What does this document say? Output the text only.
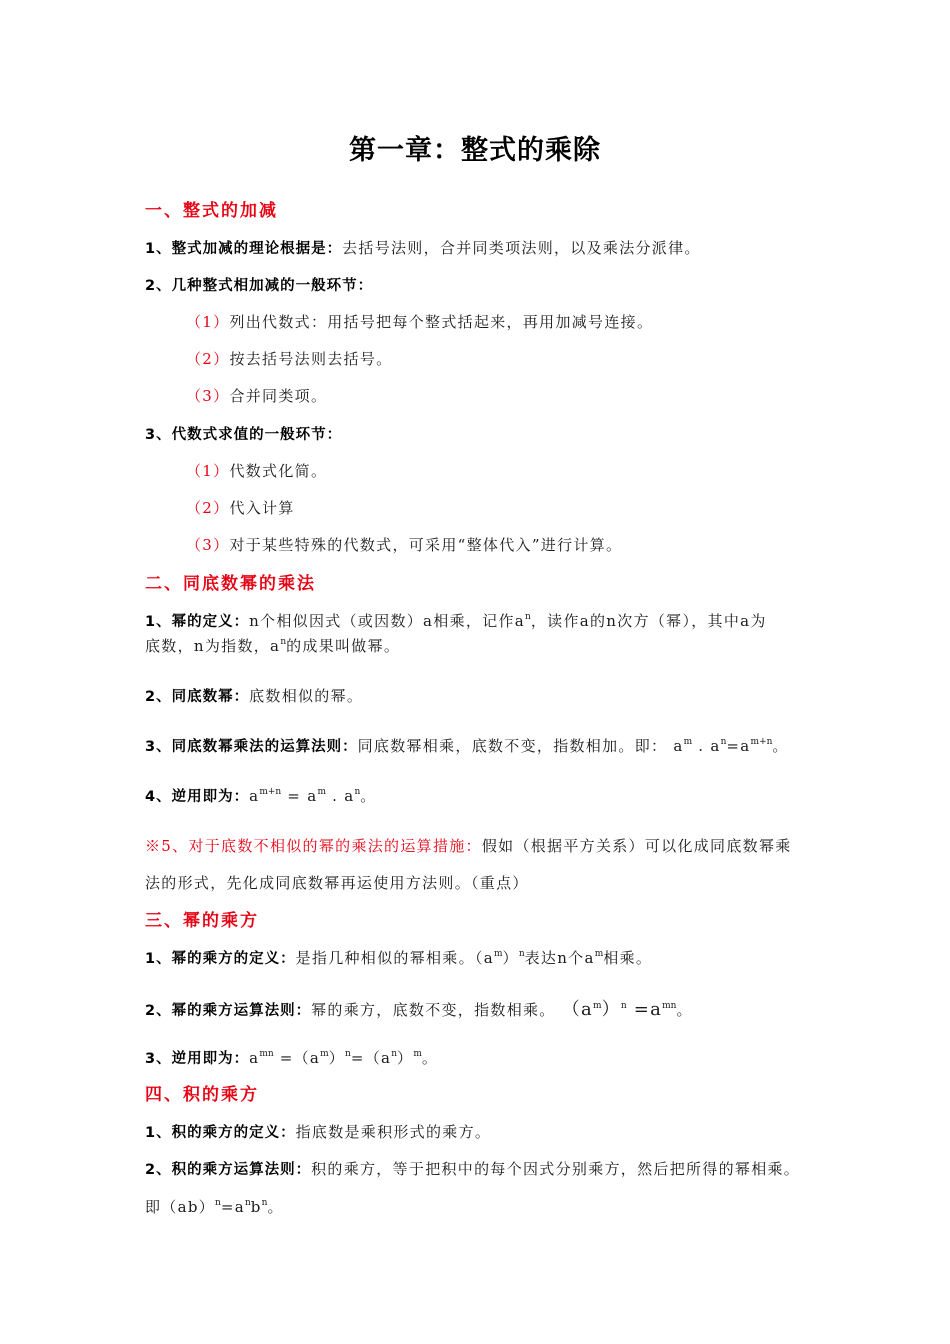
第一章：整式的乘除
一、整式的加减
1、整式加减的理论根据是：去括号法则，合并同类项法则，以及乘法分派律。
2、几种整式相加减的一般环节：
（1）列出代数式：用括号把每个整式括起来，再用加减号连接。
（2）按去括号法则去括号。
（3）合并同类项。
3、代数式求值的一般环节：
（1）代数式化简。
（2）代入计算
（3）对于某些特殊的代数式，可采用“整体代入”进行计算。
二、同底数幂的乘法
1、幂的定义：n个相似因式（或因数）a相乘，记作$a^n$，读作a的n次方（幂），其中a为
底数，n为指数，$a^n$的成果叫做幂。
2、同底数幂：底数相似的幂。
3、同底数幂乘法的运算法则：同底数幂相乘，底数不变，指数相加。即： $a^m$ . $a^n=a^{m+n}$。
4、逆用即为：$a^{m+n} = a^m$ . $a^n$。
※5、对于底数不相似的幂的乘法的运算措施：假如（根据平方关系）可以化成同底数幂乘
法的形式，先化成同底数幂再运使用方法则。（重点）
三、幂的乘方
1、幂的乘方的定义：是指几种相似的幂相乘。$(a^m)^n$表达n个$a^m$相乘。
2、幂的乘方运算法则：幂的乘方，底数不变，指数相乘。 $(a^m)^n =a^{mn}$。
3、逆用即为：$a^{mn} =(a^m)^n=(a^n)^m$。
四、积的乘方
1、积的乘方的定义：指底数是乘积形式的乘方。
2、积的乘方运算法则：积的乘方，等于把积中的每个因式分别乘方，然后把所得的幂相乘。
即$(ab)^n=a^nb^n$。
